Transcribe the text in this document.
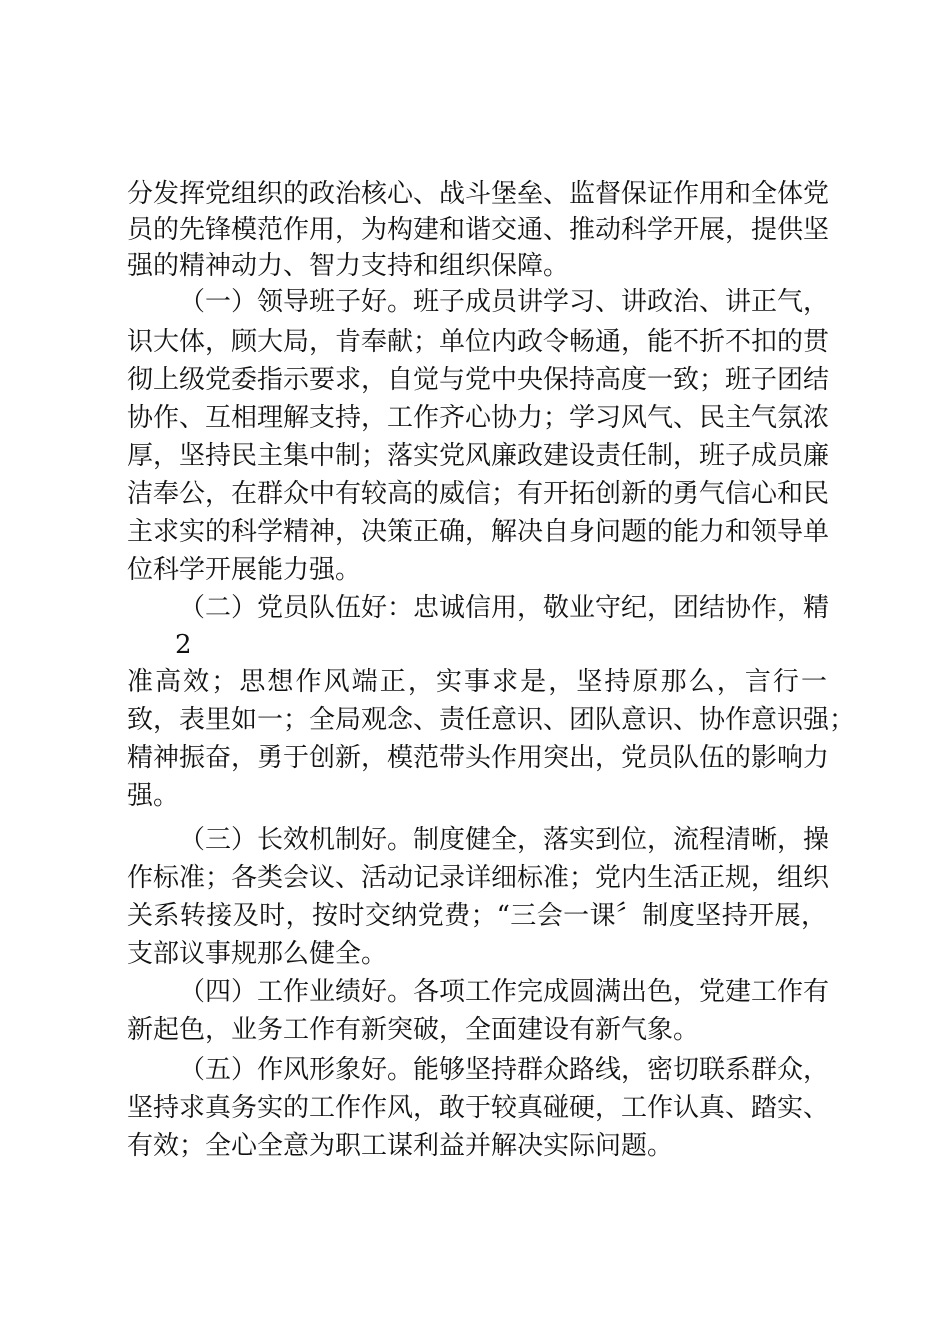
分发挥党组织的政治核心、战斗堡垒、监督保证作用和全体党
员的先锋模范作用，为构建和谐交通、推动科学开展，提供坚
强的精神动力、智力支持和组织保障。
（一）领导班子好。班子成员讲学习、讲政治、讲正气，
识大体，顾大局，肯奉献；单位内政令畅通，能不折不扣的贯
彻上级党委指示要求，自觉与党中央保持高度一致；班子团结
协作、互相理解支持，工作齐心协力；学习风气、民主气氛浓
厚，坚持民主集中制；落实党风廉政建设责任制，班子成员廉
洁奉公，在群众中有较高的威信；有开拓创新的勇气信心和民
主求实的科学精神，决策正确，解决自身问题的能力和领导单
位科学开展能力强。
（二）党员队伍好：忠诚信用，敬业守纪，团结协作，精
2
准高效；思想作风端正，实事求是，坚持原那么，言行一
致，表里如一；全局观念、责任意识、团队意识、协作意识强；
精神振奋，勇于创新，模范带头作用突出，党员队伍的影响力
强。
（三）长效机制好。制度健全，落实到位，流程清晰，操
作标准；各类会议、活动记录详细标准；党内生活正规，组织
关系转接及时，按时交纳党费；“三会一课〞制度坚持开展，
支部议事规那么健全。
（四）工作业绩好。各项工作完成圆满出色，党建工作有
新起色，业务工作有新突破，全面建设有新气象。
（五）作风形象好。能够坚持群众路线，密切联系群众，
坚持求真务实的工作作风，敢于较真碰硬，工作认真、踏实、
有效；全心全意为职工谋利益并解决实际问题。
